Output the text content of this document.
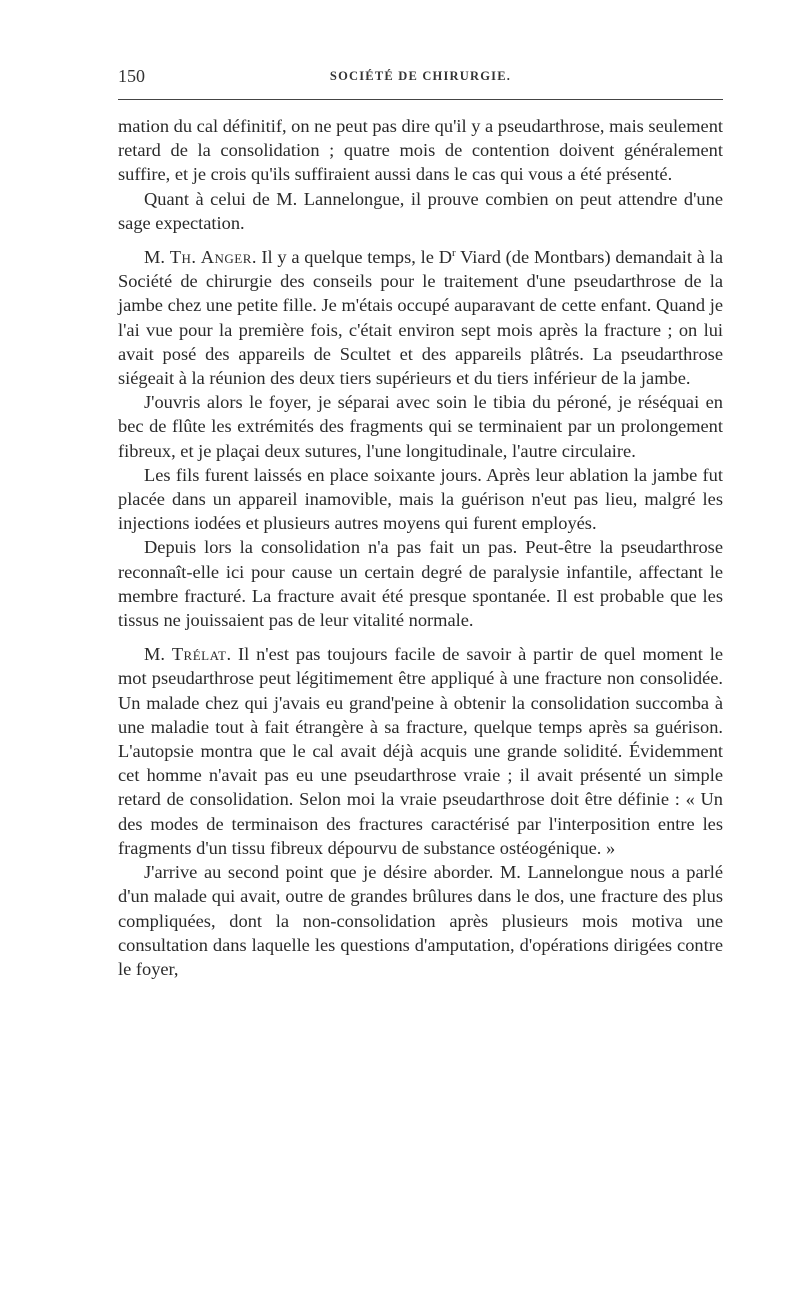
150	SOCIÉTÉ DE CHIRURGIE.

mation du cal définitif, on ne peut pas dire qu'il y a pseudarthrose, mais seulement retard de la consolidation ; quatre mois de contention doivent généralement suffire, et je crois qu'ils suffiraient aussi dans le cas qui vous a été présenté.

Quant à celui de M. Lannelongue, il prouve combien on peut attendre d'une sage expectation.

M. Th. Anger. Il y a quelque temps, le $D^r$ Viard (de Montbars) demandait à la Société de chirurgie des conseils pour le traitement d'une pseudarthrose de la jambe chez une petite fille. Je m'étais occupé auparavant de cette enfant. Quand je l'ai vue pour la première fois, c'était environ sept mois après la fracture ; on lui avait posé des appareils de Scultet et des appareils plâtrés. La pseudarthrose siégeait à la réunion des deux tiers supérieurs et du tiers inférieur de la jambe.

J'ouvris alors le foyer, je séparai avec soin le tibia du péroné, je réséquai en bec de flûte les extrémités des fragments qui se terminaient par un prolongement fibreux, et je plaçai deux sutures, l'une longitudinale, l'autre circulaire.

Les fils furent laissés en place soixante jours. Après leur ablation la jambe fut placée dans un appareil inamovible, mais la guérison n'eut pas lieu, malgré les injections iodées et plusieurs autres moyens qui furent employés.

Depuis lors la consolidation n'a pas fait un pas. Peut-être la pseudarthrose reconnaît-elle ici pour cause un certain degré de paralysie infantile, affectant le membre fracturé. La fracture avait été presque spontanée. Il est probable que les tissus ne jouissaient pas de leur vitalité normale.

M. Trélat. Il n'est pas toujours facile de savoir à partir de quel moment le mot pseudarthrose peut légitimement être appliqué à une fracture non consolidée. Un malade chez qui j'avais eu grand'peine à obtenir la consolidation succomba à une maladie tout à fait étrangère à sa fracture, quelque temps après sa guérison. L'autopsie montra que le cal avait déjà acquis une grande solidité. Évidemment cet homme n'avait pas eu une pseudarthrose vraie ; il avait présenté un simple retard de consolidation. Selon moi la vraie pseudarthrose doit être définie : « Un des modes de terminaison des fractures caractérisé par l'interposition entre les fragments d'un tissu fibreux dépourvu de substance ostéogénique. »

J'arrive au second point que je désire aborder. M. Lannelongue nous a parlé d'un malade qui avait, outre de grandes brûlures dans le dos, une fracture des plus compliquées, dont la non-consolidation après plusieurs mois motiva une consultation dans laquelle les questions d'amputation, d'opérations dirigées contre le foyer,
